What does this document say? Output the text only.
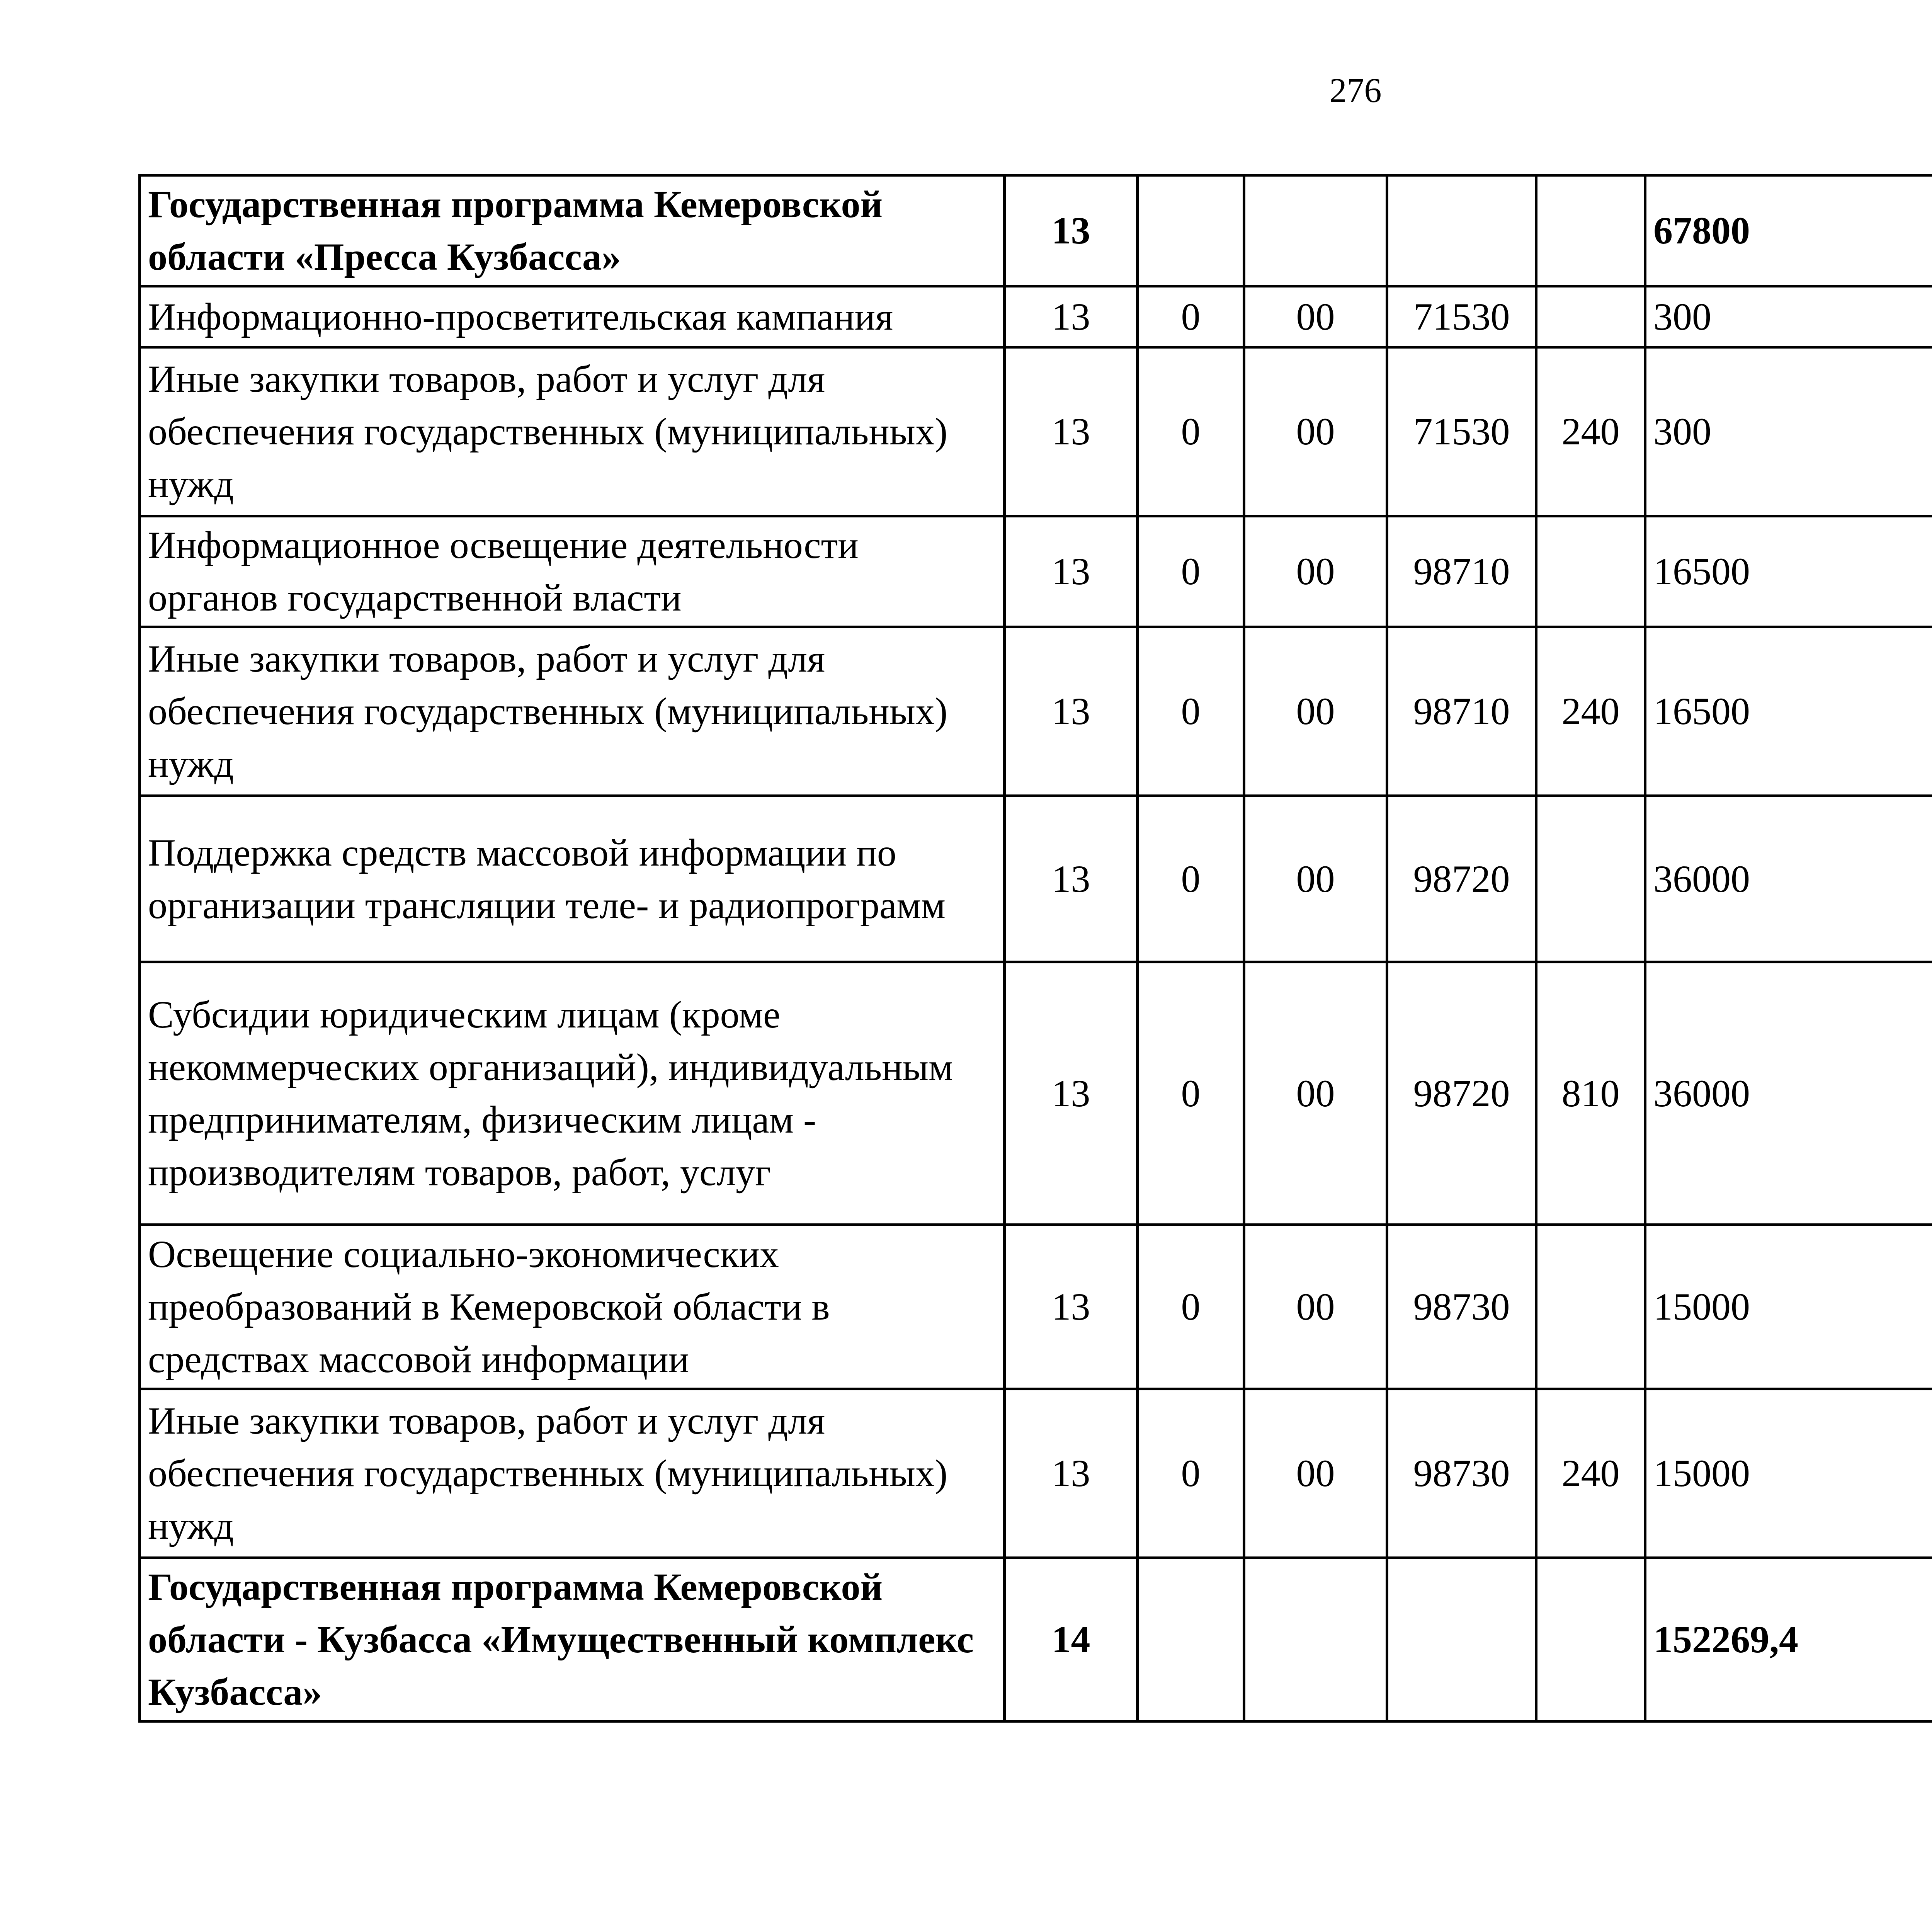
276
Государственная программа Кемеровской области «Пресса Кузбасса»	13					67800		
Информационно-просветительская кампания	13	0	00	71530		300		
Иные закупки товаров, работ и услуг для обеспечения государственных (муниципальных) нужд	13	0	00	71530	240	300		
Информационное освещение деятельности органов государственной власти	13	0	00	98710		16500		
Иные закупки товаров, работ и услуг для обеспечения государственных (муниципальных) нужд	13	0	00	98710	240	16500		
Поддержка средств массовой информации по организации трансляции теле- и радиопрограмм	13	0	00	98720		36000		
Субсидии юридическим лицам (кроме некоммерческих организаций), индивидуальным предпринимателям, физическим лицам - производителям товаров, работ, услуг	13	0	00	98720	810	36000		
Освещение социально-экономических преобразований в Кемеровской области в средствах массовой информации	13	0	00	98730		15000		
Иные закупки товаров, работ и услуг для обеспечения государственных (муниципальных) нужд	13	0	00	98730	240	15000		
Государственная программа Кемеровской области - Кузбасса «Имущественный комплекс Кузбасса»	14					152269,4		
